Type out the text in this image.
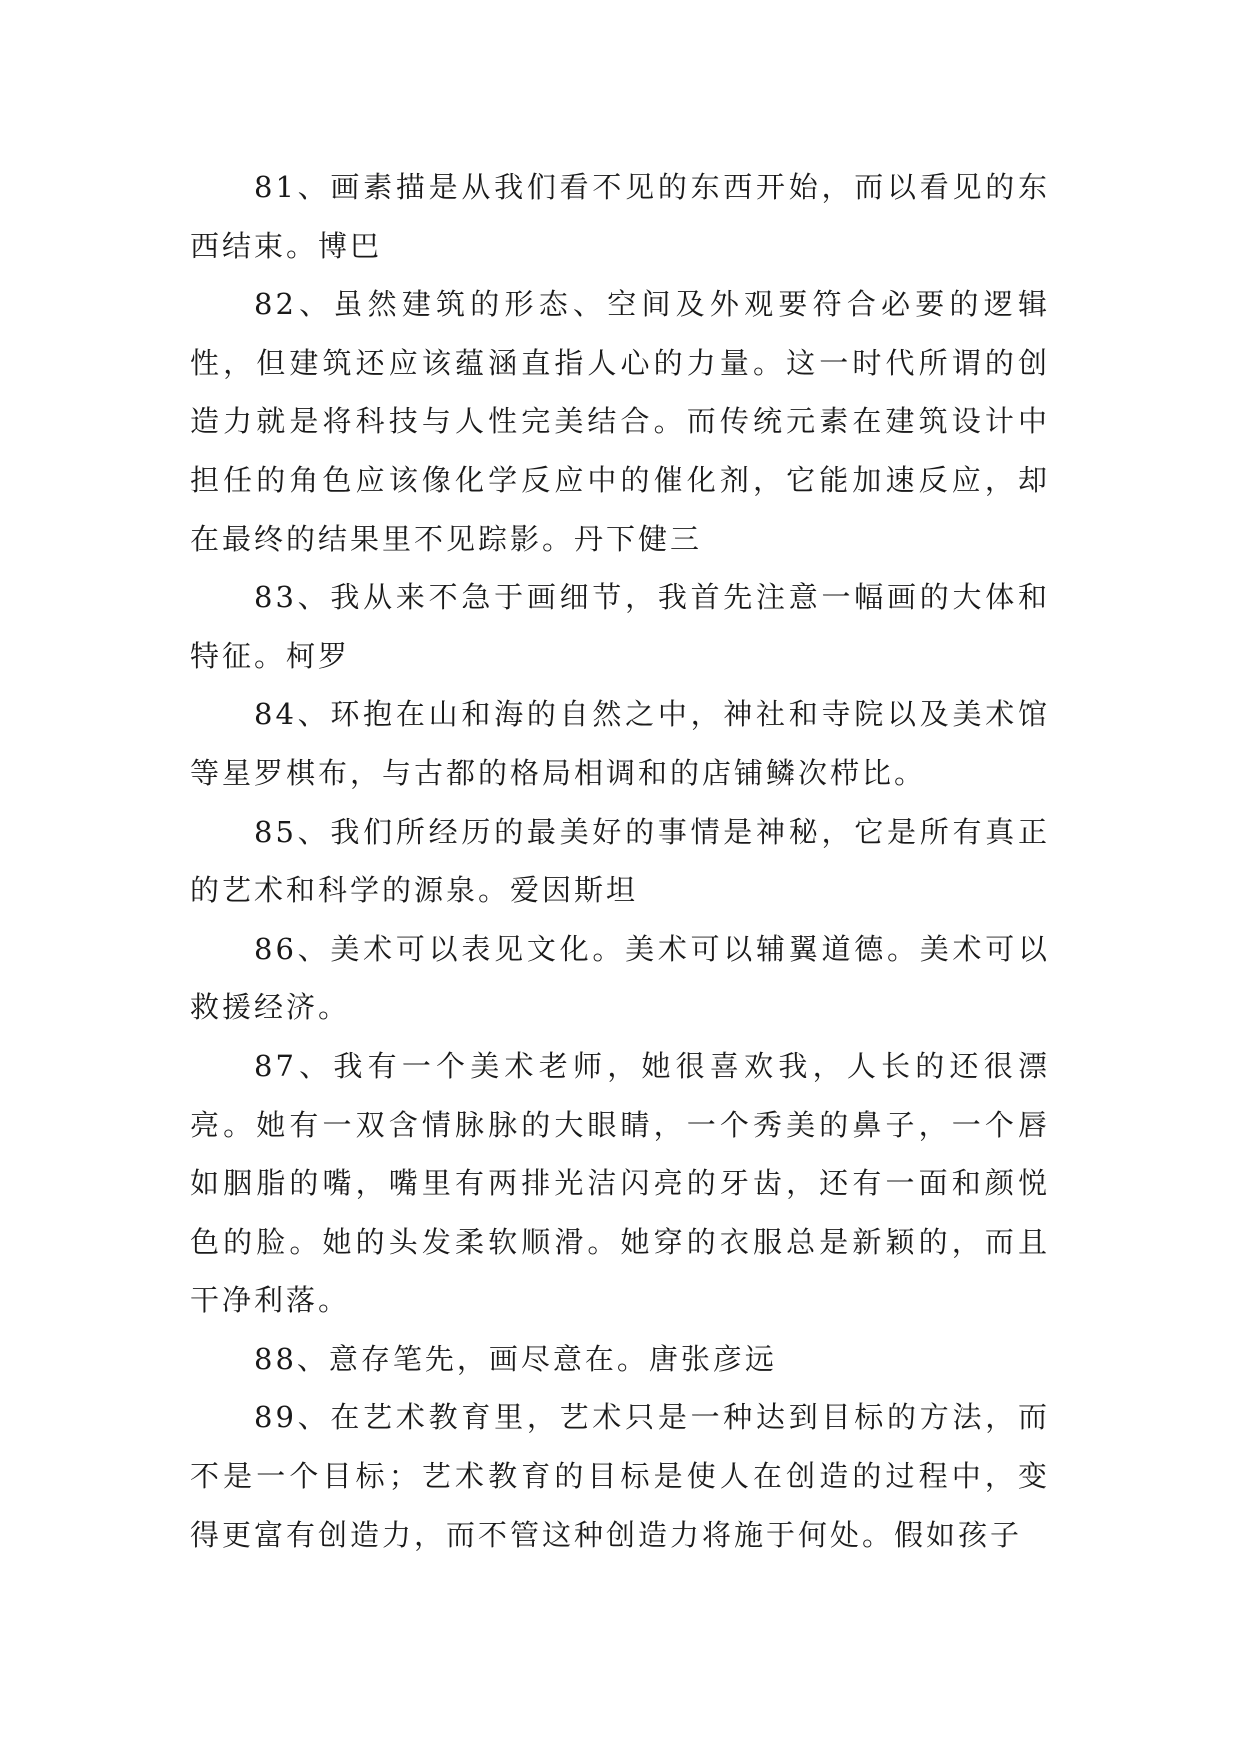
81、画素描是从我们看不见的东西开始，而以看见的东西结束。博巴

82、虽然建筑的形态、空间及外观要符合必要的逻辑性，但建筑还应该蕴涵直指人心的力量。这一时代所谓的创造力就是将科技与人性完美结合。而传统元素在建筑设计中担任的角色应该像化学反应中的催化剂，它能加速反应，却在最终的结果里不见踪影。丹下健三

83、我从来不急于画细节，我首先注意一幅画的大体和特征。柯罗

84、环抱在山和海的自然之中，神社和寺院以及美术馆等星罗棋布，与古都的格局相调和的店铺鳞次栉比。

85、我们所经历的最美好的事情是神秘，它是所有真正的艺术和科学的源泉。爱因斯坦

86、美术可以表见文化。美术可以辅翼道德。美术可以救援经济。

87、我有一个美术老师，她很喜欢我，人长的还很漂亮。她有一双含情脉脉的大眼睛，一个秀美的鼻子，一个唇如胭脂的嘴，嘴里有两排光洁闪亮的牙齿，还有一面和颜悦色的脸。她的头发柔软顺滑。她穿的衣服总是新颖的，而且干净利落。

88、意存笔先，画尽意在。唐张彦远

89、在艺术教育里，艺术只是一种达到目标的方法，而不是一个目标；艺术教育的目标是使人在创造的过程中，变得更富有创造力，而不管这种创造力将施于何处。假如孩子
